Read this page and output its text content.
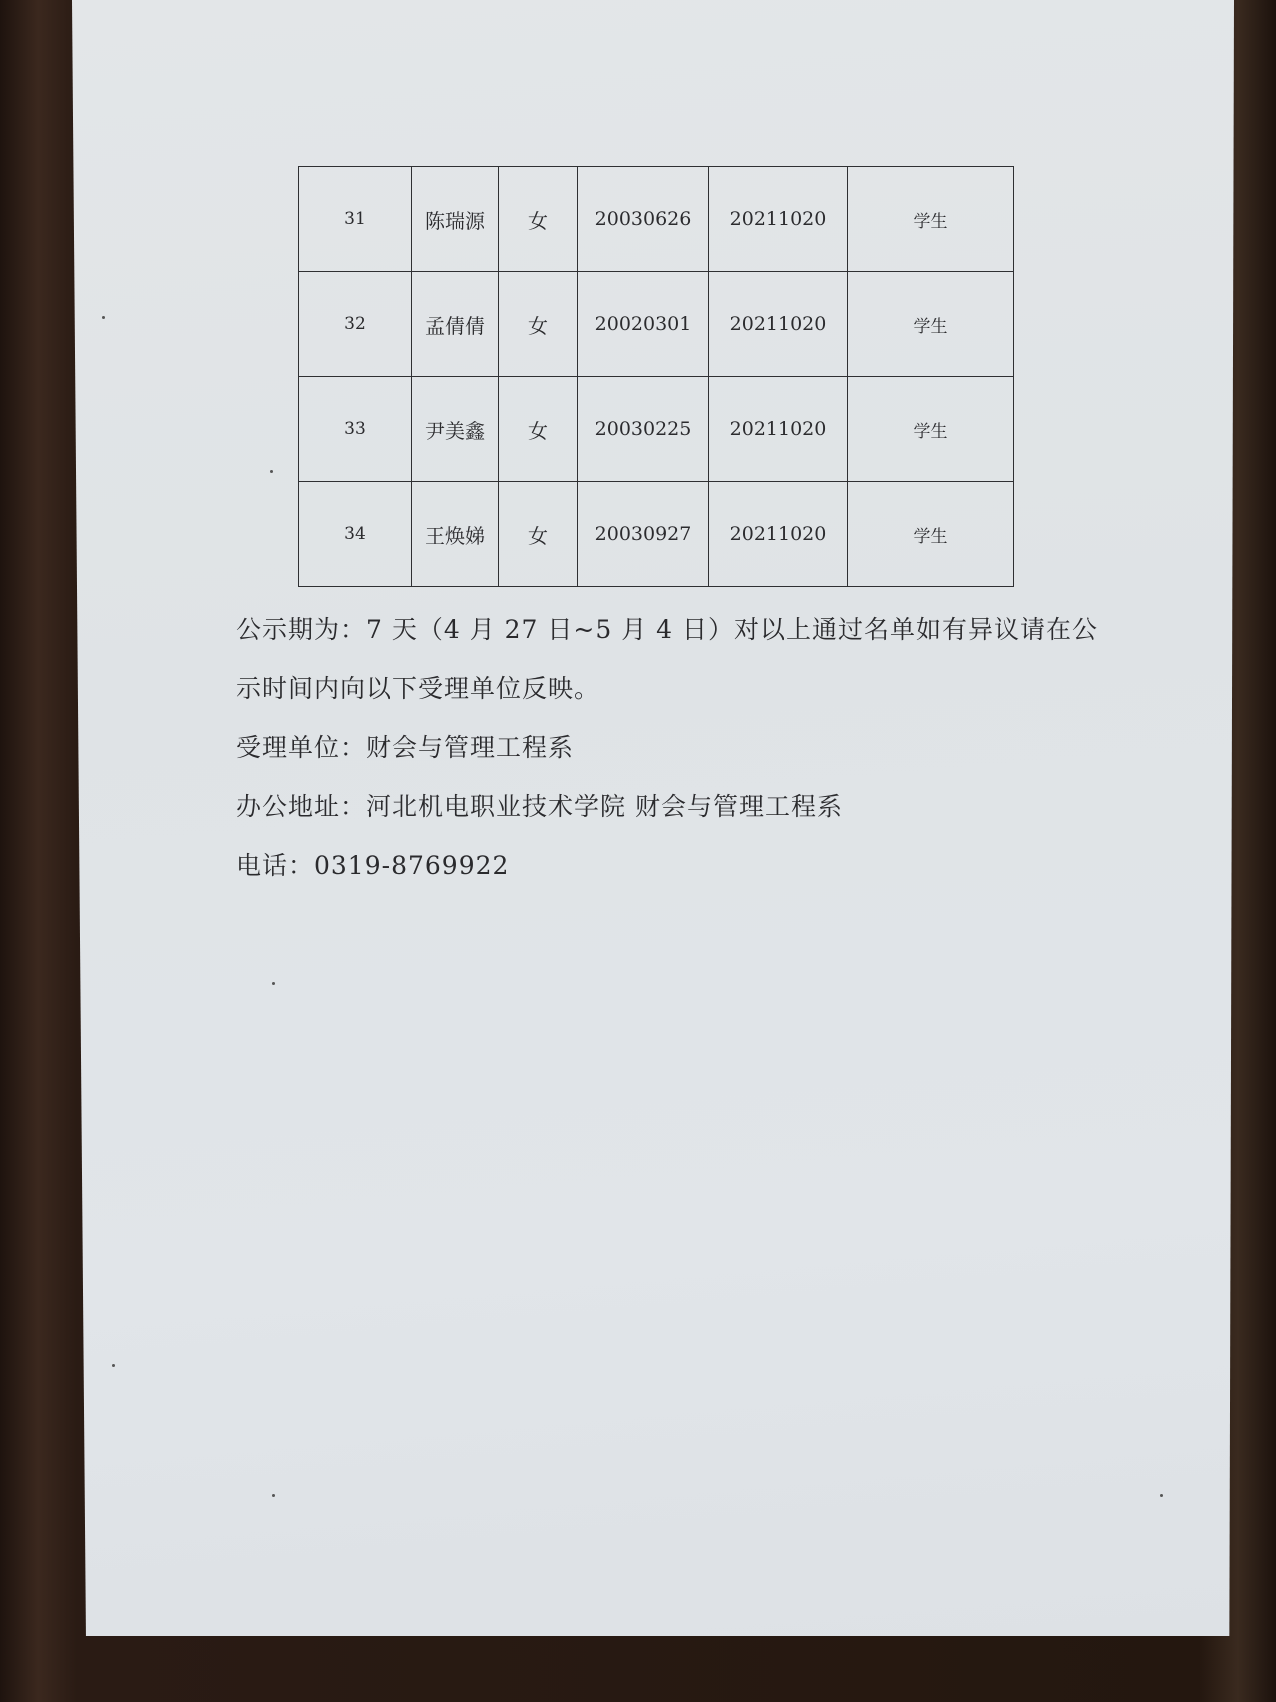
31	陈瑞源	女	20030626	20211020	学生
32	孟倩倩	女	20020301	20211020	学生
33	尹美鑫	女	20030225	20211020	学生
34	王焕娣	女	20030927	20211020	学生
公示期为：7 天（4 月 27 日~5 月 4 日）对以上通过名单如有异议请在公
示时间内向以下受理单位反映。
受理单位：财会与管理工程系
办公地址：河北机电职业技术学院 财会与管理工程系
电话：0319-8769922
